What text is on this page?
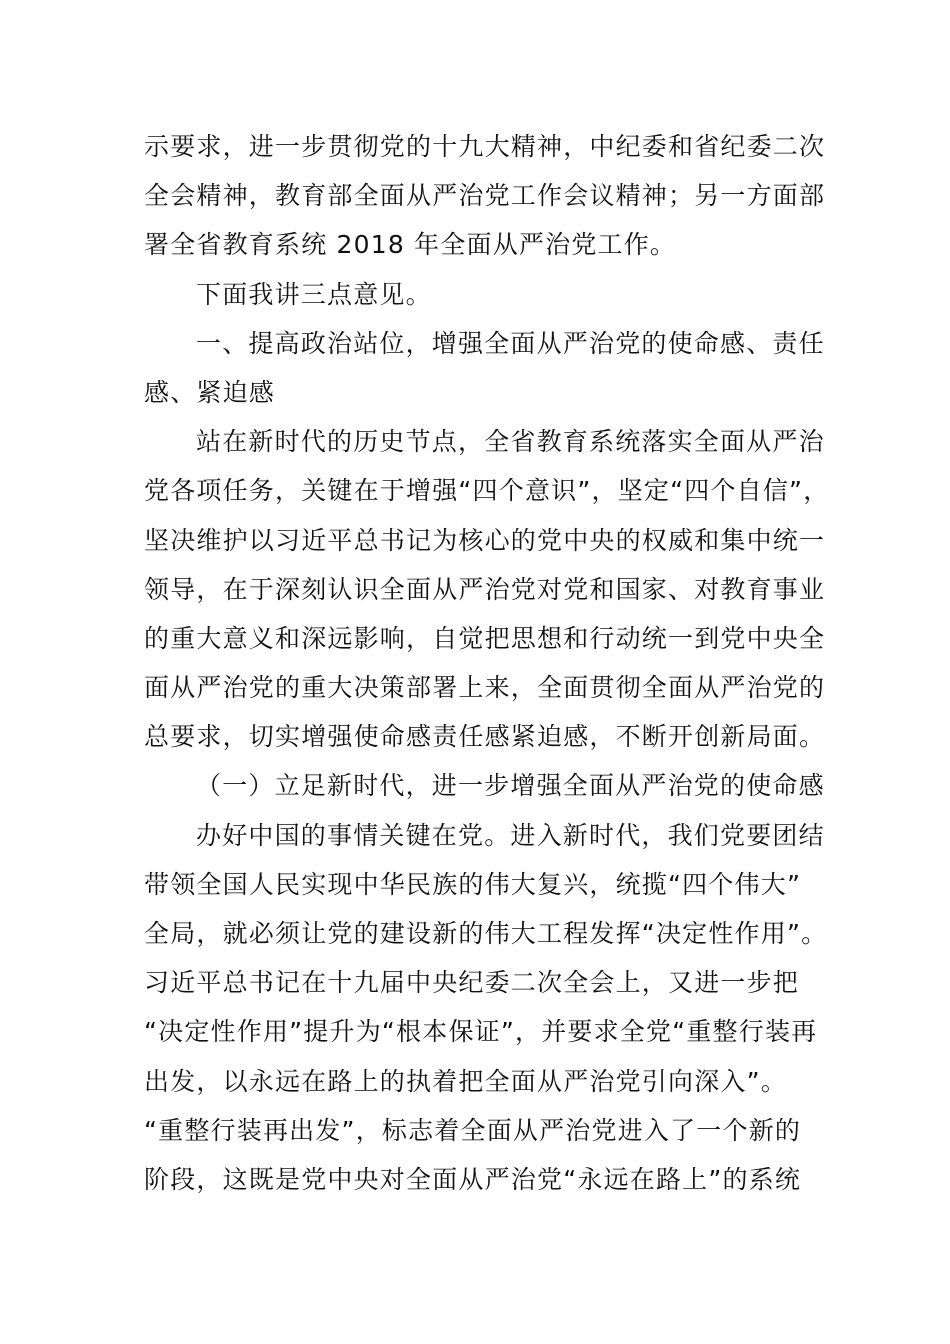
示要求，进一步贯彻党的十九大精神，中纪委和省纪委二次
全会精神，教育部全面从严治党工作会议精神；另一方面部
署全省教育系统 2018 年全面从严治党工作。
下面我讲三点意见。
一、提高政治站位，增强全面从严治党的使命感、责任
感、紧迫感
站在新时代的历史节点，全省教育系统落实全面从严治
党各项任务，关键在于增强“四个意识”，坚定“四个自信”，
坚决维护以习近平总书记为核心的党中央的权威和集中统一
领导，在于深刻认识全面从严治党对党和国家、对教育事业
的重大意义和深远影响，自觉把思想和行动统一到党中央全
面从严治党的重大决策部署上来，全面贯彻全面从严治党的
总要求，切实增强使命感责任感紧迫感，不断开创新局面。
（一）立足新时代，进一步增强全面从严治党的使命感
办好中国的事情关键在党。进入新时代，我们党要团结
带领全国人民实现中华民族的伟大复兴，统揽“四个伟大”
全局，就必须让党的建设新的伟大工程发挥“决定性作用”。
习近平总书记在十九届中央纪委二次全会上，又进一步把
“决定性作用”提升为“根本保证”，并要求全党“重整行装再
出发，以永远在路上的执着把全面从严治党引向深入”。
“重整行装再出发”，标志着全面从严治党进入了一个新的
阶段，这既是党中央对全面从严治党“永远在路上”的系统
